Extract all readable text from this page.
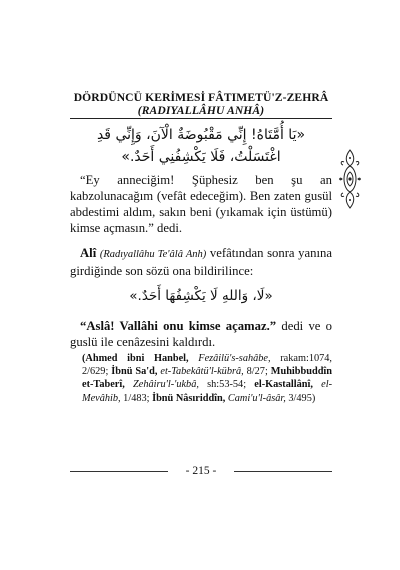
DÖRDÜNCÜ KERİMESİ FÂTIMETÜ'Z-ZEHRÂ (RADIYALLÂHU ANHÂ)
«يَا أُمَّتَاهُ! إِنِّي مَقْبُوضَةٌ الْآنَ، وَإِنِّي قَدِ اغْتَسَلْتُ، فَلَا يَكْشِفُنِي أَحَدٌ.»
“Ey anneciğim! Şüphesiz ben şu an kabzolunacağım (vefât edeceğim). Ben zaten gusül abdestimi aldım, sakın beni (yıkamak için üstümü) kimse açmasın.” dedi.
Alî (Radıyallâhu Te'âlâ Anh) vefâtından sonra yanına girdiğinde son sözü ona bildirilince:
«لَا، وَاللهِ لَا يَكْشِفُهَا أَحَدٌ.»
“Aslâ! Vallâhi onu kimse açamaz.” dedi ve o guslü ile cenâzesini kaldırdı.
(Ahmed ibni Hanbel, Fezâilü's-sahâbe, rakam:1074, 2/629; İbnü Sa'd, et-Tabekâtü'l-kübrâ, 8/27; Muhibbuddîn et-Taberî, Zehâiru'l-'ukbâ, sh:53-54; el-Kastallânî, el-Mevâhib, 1/483; İbnü Nâsıriddîn, Cami'u'l-âsâr, 3/495)
- 215 -
